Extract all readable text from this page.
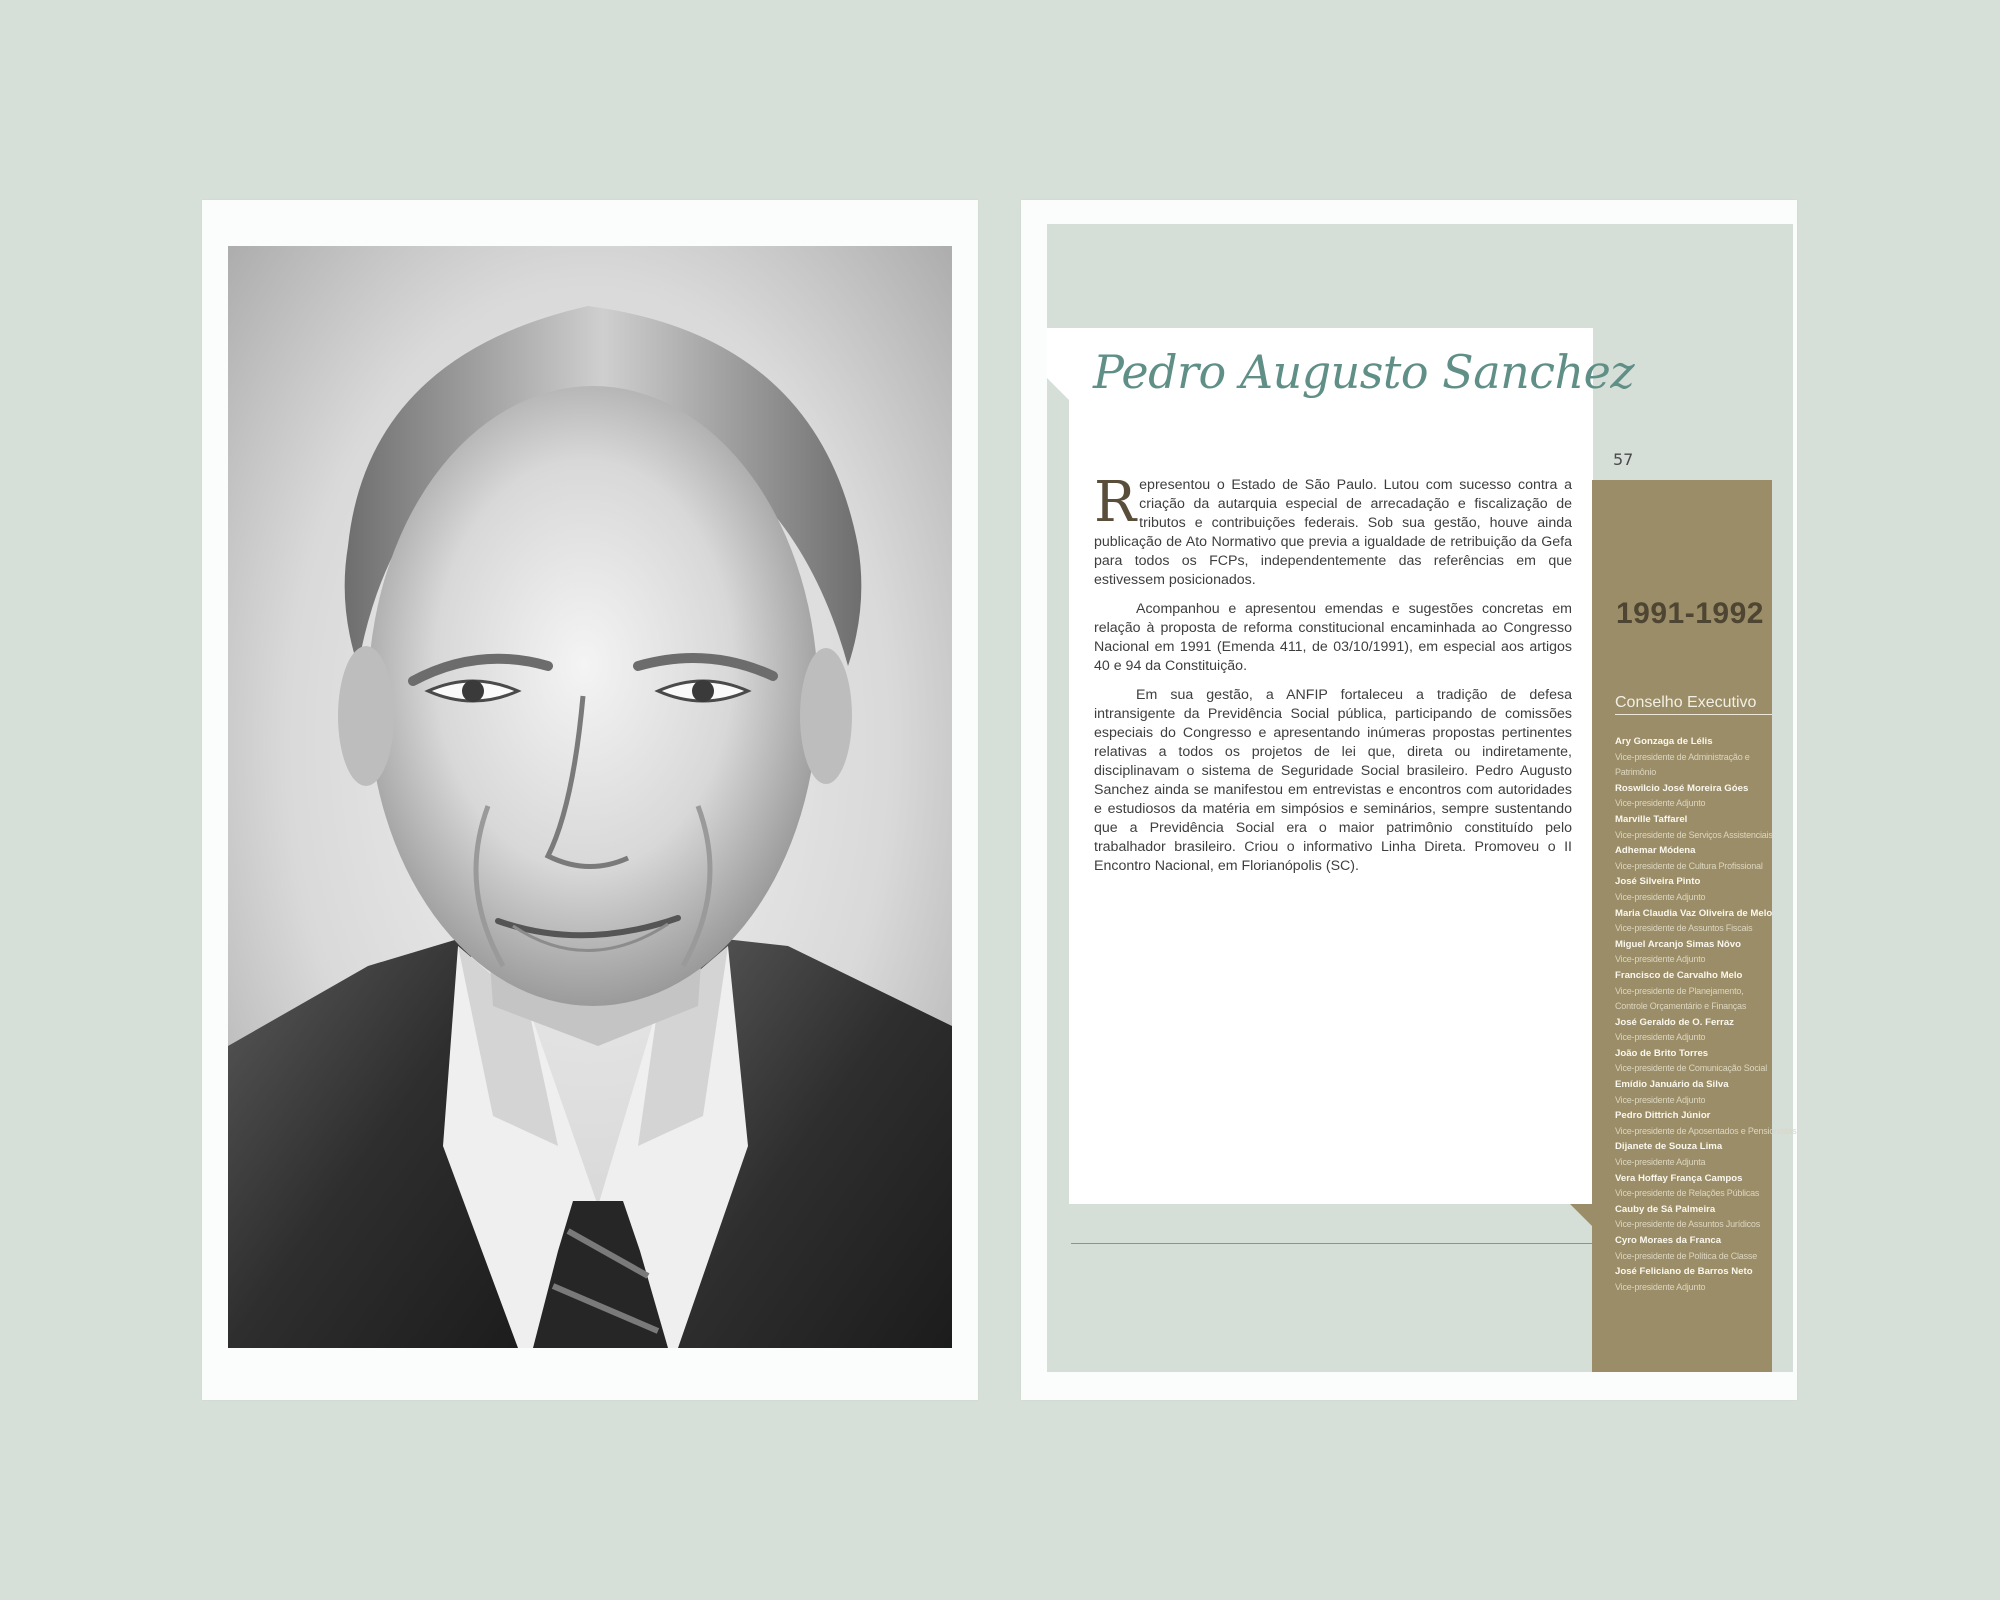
57
Pedro Augusto Sanchez

Representou o Estado de São Paulo. Lutou com sucesso contra a criação da autarquia especial de arrecadação e fiscalização de tributos e contribuições federais. Sob sua gestão, houve ainda publicação de Ato Normativo que previa a igualdade de retribuição da Gefa para todos os FCPs, independentemente das referências em que estivessem posicionados.

Acompanhou e apresentou emendas e sugestões concretas em relação à proposta de reforma constitucional encaminhada ao Congresso Nacional em 1991 (Emenda 411, de 03/10/1991), em especial aos artigos 40 e 94 da Constituição.

Em sua gestão, a ANFIP fortaleceu a tradição de defesa intransigente da Previdência Social pública, participando de comissões especiais do Congresso e apresentando inúmeras propostas pertinentes relativas a todos os projetos de lei que, direta ou indiretamente, disciplinavam o sistema de Seguridade Social brasileiro. Pedro Augusto Sanchez ainda se manifestou em entrevistas e encontros com autoridades e estudiosos da matéria em simpósios e seminários, sempre sustentando que a Previdência Social era o maior patrimônio constituído pelo trabalhador brasileiro. Criou o informativo Linha Direta. Promoveu o II Encontro Nacional, em Florianópolis (SC).

1991-1992
Conselho Executivo
Ary Gonzaga de Lélis
Vice-presidente de Administração e Patrimônio
Roswilcio José Moreira Góes
Vice-presidente Adjunto
Marville Taffarel
Vice-presidente de Serviços Assistenciais
Adhemar Módena
Vice-presidente de Cultura Profissional
José Silveira Pinto
Vice-presidente Adjunto
Maria Claudia Vaz Oliveira de Melo
Vice-presidente de Assuntos Fiscais
Miguel Arcanjo Simas Nôvo
Vice-presidente Adjunto
Francisco de Carvalho Melo
Vice-presidente de Planejamento, Controle Orçamentário e Finanças
José Geraldo de O. Ferraz
Vice-presidente Adjunto
João de Brito Torres
Vice-presidente de Comunicação Social
Emídio Januário da Silva
Vice-presidente Adjunto
Pedro Dittrich Júnior
Vice-presidente de Aposentados e Pensionistas
Dijanete de Souza Lima
Vice-presidente Adjunta
Vera Hoffay França Campos
Vice-presidente de Relações Públicas
Cauby de Sá Palmeira
Vice-presidente de Assuntos Jurídicos
Cyro Moraes da Franca
Vice-presidente de Política de Classe
José Feliciano de Barros Neto
Vice-presidente Adjunto
